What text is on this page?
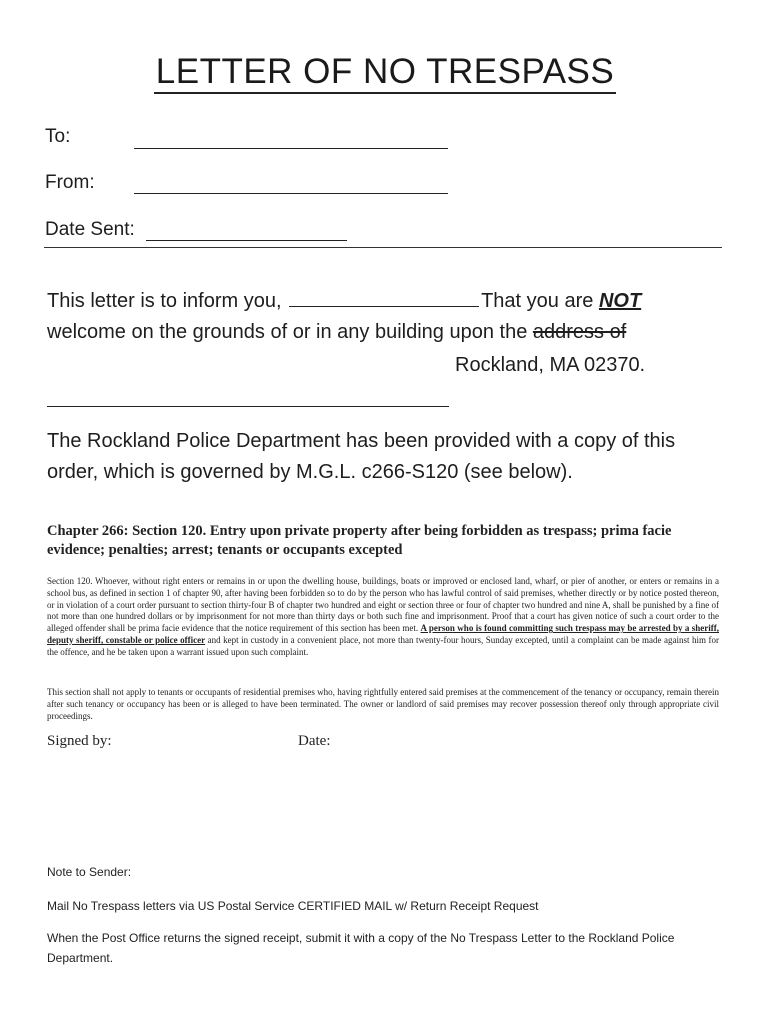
LETTER OF NO TRESPASS
To:
From:
Date Sent:
This letter is to inform you,	That you are NOT
welcome on the grounds of or in any building upon the address of
Rockland, MA 02370.
The Rockland Police Department has been provided with a copy of this
order, which is governed by M.G.L. c266-S120 (see below).
Chapter 266: Section 120. Entry upon private property after being forbidden as trespass; prima facie evidence; penalties; arrest; tenants or occupants excepted
Section 120. Whoever, without right enters or remains in or upon the dwelling house, buildings, boats or improved or enclosed land, wharf, or pier of another, or enters or remains in a school bus, as defined in section 1 of chapter 90, after having been forbidden so to do by the person who has lawful control of said premises, whether directly or by notice posted thereon, or in violation of a court order pursuant to section thirty-four B of chapter two hundred and eight or section three or four of chapter two hundred and nine A, shall be punished by a fine of not more than one hundred dollars or by imprisonment for not more than thirty days or both such fine and imprisonment. Proof that a court has given notice of such a court order to the alleged offender shall be prima facie evidence that the notice requirement of this section has been met. A person who is found committing such trespass may be arrested by a sheriff, deputy sheriff, constable or police officer and kept in custody in a convenient place, not more than twenty-four hours, Sunday excepted, until a complaint can be made against him for the offence, and he be taken upon a warrant issued upon such complaint.
This section shall not apply to tenants or occupants of residential premises who, having rightfully entered said premises at the commencement of the tenancy or occupancy, remain therein after such tenancy or occupancy has been or is alleged to have been terminated. The owner or landlord of said premises may recover possession thereof only through appropriate civil proceedings.
Signed by:	Date:
Note to Sender:
Mail No Trespass letters via US Postal Service CERTIFIED MAIL w/ Return Receipt Request
When the Post Office returns the signed receipt, submit it with a copy of the No Trespass Letter to the Rockland Police Department.
